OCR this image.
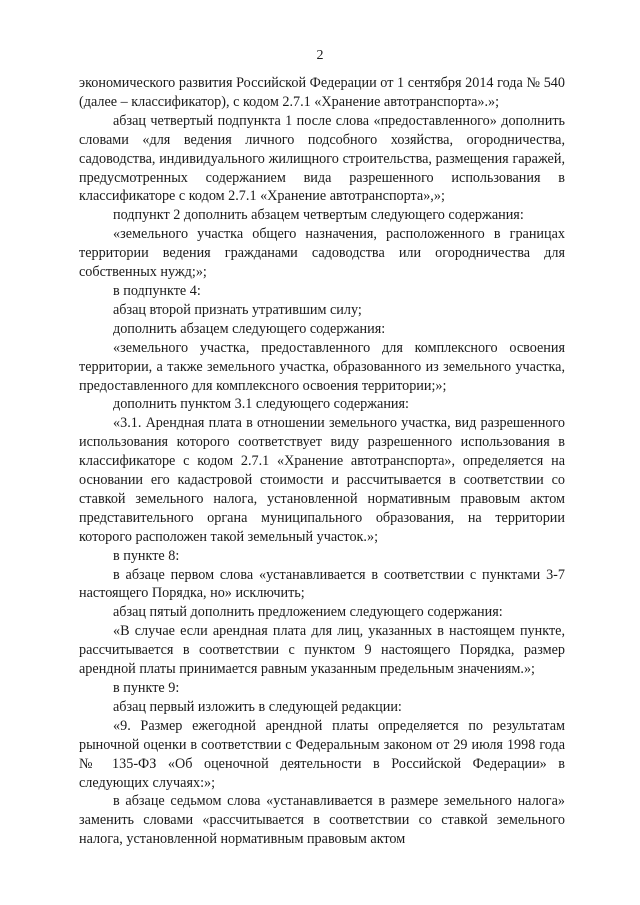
2

экономического развития Российской Федерации от 1 сентября 2014 года № 540 (далее – классификатор), с кодом 2.7.1 «Хранение автотранспорта».»;

абзац четвертый подпункта 1 после слова «предоставленного» дополнить словами «для ведения личного подсобного хозяйства, огородничества, садоводства, индивидуального жилищного строительства, размещения гаражей, предусмотренных содержанием вида разрешенного использования в классификаторе с кодом 2.7.1 «Хранение автотранспорта»,»;

подпункт 2 дополнить абзацем четвертым следующего содержания:

«земельного участка общего назначения, расположенного в границах территории ведения гражданами садоводства или огородничества для собственных нужд;»;

в подпункте 4:

абзац второй признать утратившим силу;

дополнить абзацем следующего содержания:

«земельного участка, предоставленного для комплексного освоения территории, а также земельного участка, образованного из земельного участка, предоставленного для комплексного освоения территории;»;

дополнить пунктом 3.1 следующего содержания:

«3.1. Арендная плата в отношении земельного участка, вид разрешенного использования которого соответствует виду разрешенного использования в классификаторе с кодом 2.7.1 «Хранение автотранспорта», определяется на основании его кадастровой стоимости и рассчитывается в соответствии со ставкой земельного налога, установленной нормативным правовым актом представительного органа муниципального образования, на территории которого расположен такой земельный участок.»;

в пункте 8:

в абзаце первом слова «устанавливается в соответствии с пунктами 3-7 настоящего Порядка, но» исключить;

абзац пятый дополнить предложением следующего содержания:

«В случае если арендная плата для лиц, указанных в настоящем пункте, рассчитывается в соответствии с пунктом 9 настоящего Порядка, размер арендной платы принимается равным указанным предельным значениям.»;

в пункте 9:

абзац первый изложить в следующей редакции:

«9. Размер ежегодной арендной платы определяется по результатам рыночной оценки в соответствии с Федеральным законом от 29 июля 1998 года № 135-ФЗ «Об оценочной деятельности в Российской Федерации» в следующих случаях:»;

в абзаце седьмом слова «устанавливается в размере земельного налога» заменить словами «рассчитывается в соответствии со ставкой земельного налога, установленной нормативным правовым актом
